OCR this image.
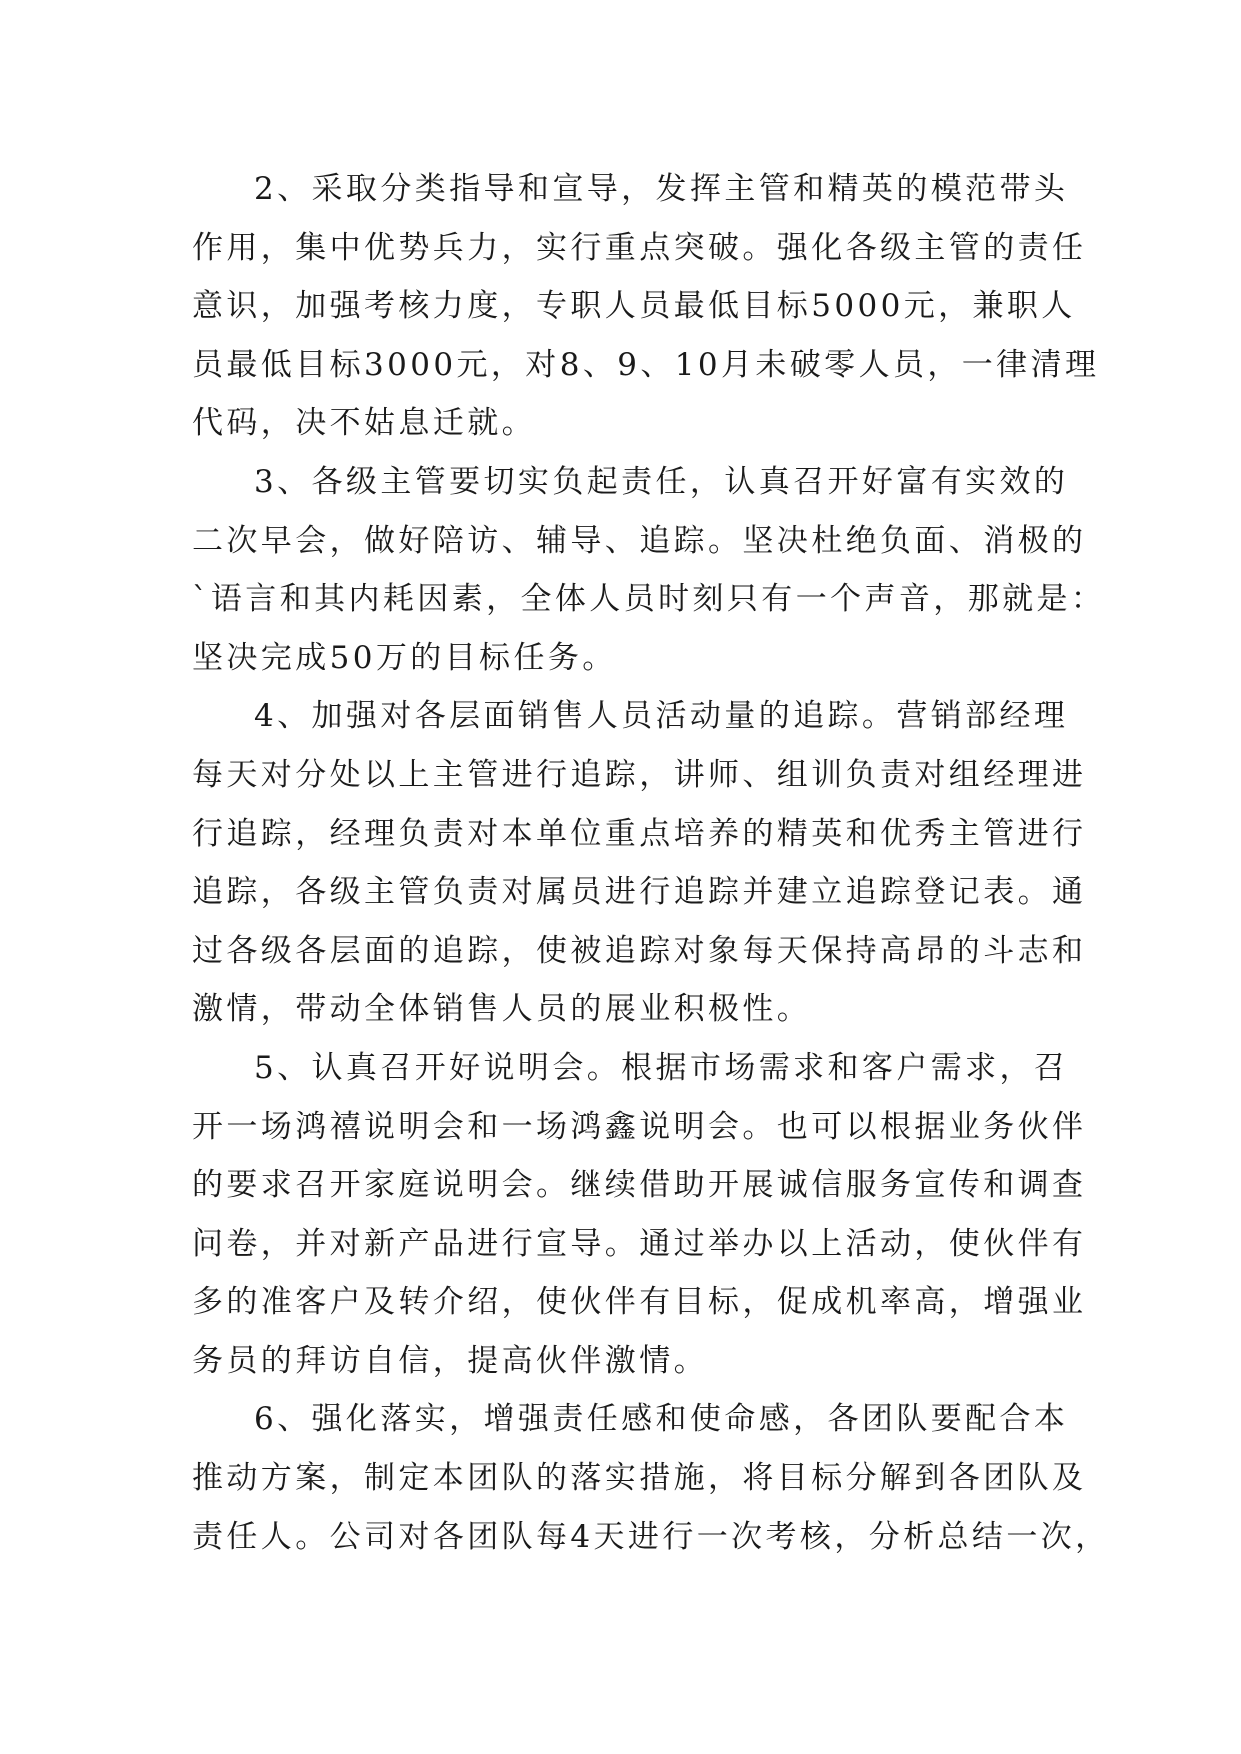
2、采取分类指导和宣导，发挥主管和精英的模范带头
作用，集中优势兵力，实行重点突破。强化各级主管的责任
意识，加强考核力度，专职人员最低目标5000元，兼职人
员最低目标3000元，对8、9、10月未破零人员，一律清理
代码，决不姑息迁就。
3、各级主管要切实负起责任，认真召开好富有实效的
二次早会，做好陪访、辅导、追踪。坚决杜绝负面、消极的
`语言和其内耗因素，全体人员时刻只有一个声音，那就是：
坚决完成50万的目标任务。
4、加强对各层面销售人员活动量的追踪。营销部经理
每天对分处以上主管进行追踪，讲师、组训负责对组经理进
行追踪，经理负责对本单位重点培养的精英和优秀主管进行
追踪，各级主管负责对属员进行追踪并建立追踪登记表。通
过各级各层面的追踪，使被追踪对象每天保持高昂的斗志和
激情，带动全体销售人员的展业积极性。
5、认真召开好说明会。根据市场需求和客户需求，召
开一场鸿禧说明会和一场鸿鑫说明会。也可以根据业务伙伴
的要求召开家庭说明会。继续借助开展诚信服务宣传和调查
问卷，并对新产品进行宣导。通过举办以上活动，使伙伴有
多的准客户及转介绍，使伙伴有目标，促成机率高，增强业
务员的拜访自信，提高伙伴激情。
6、强化落实，增强责任感和使命感，各团队要配合本
推动方案，制定本团队的落实措施，将目标分解到各团队及
责任人。公司对各团队每4天进行一次考核，分析总结一次，
